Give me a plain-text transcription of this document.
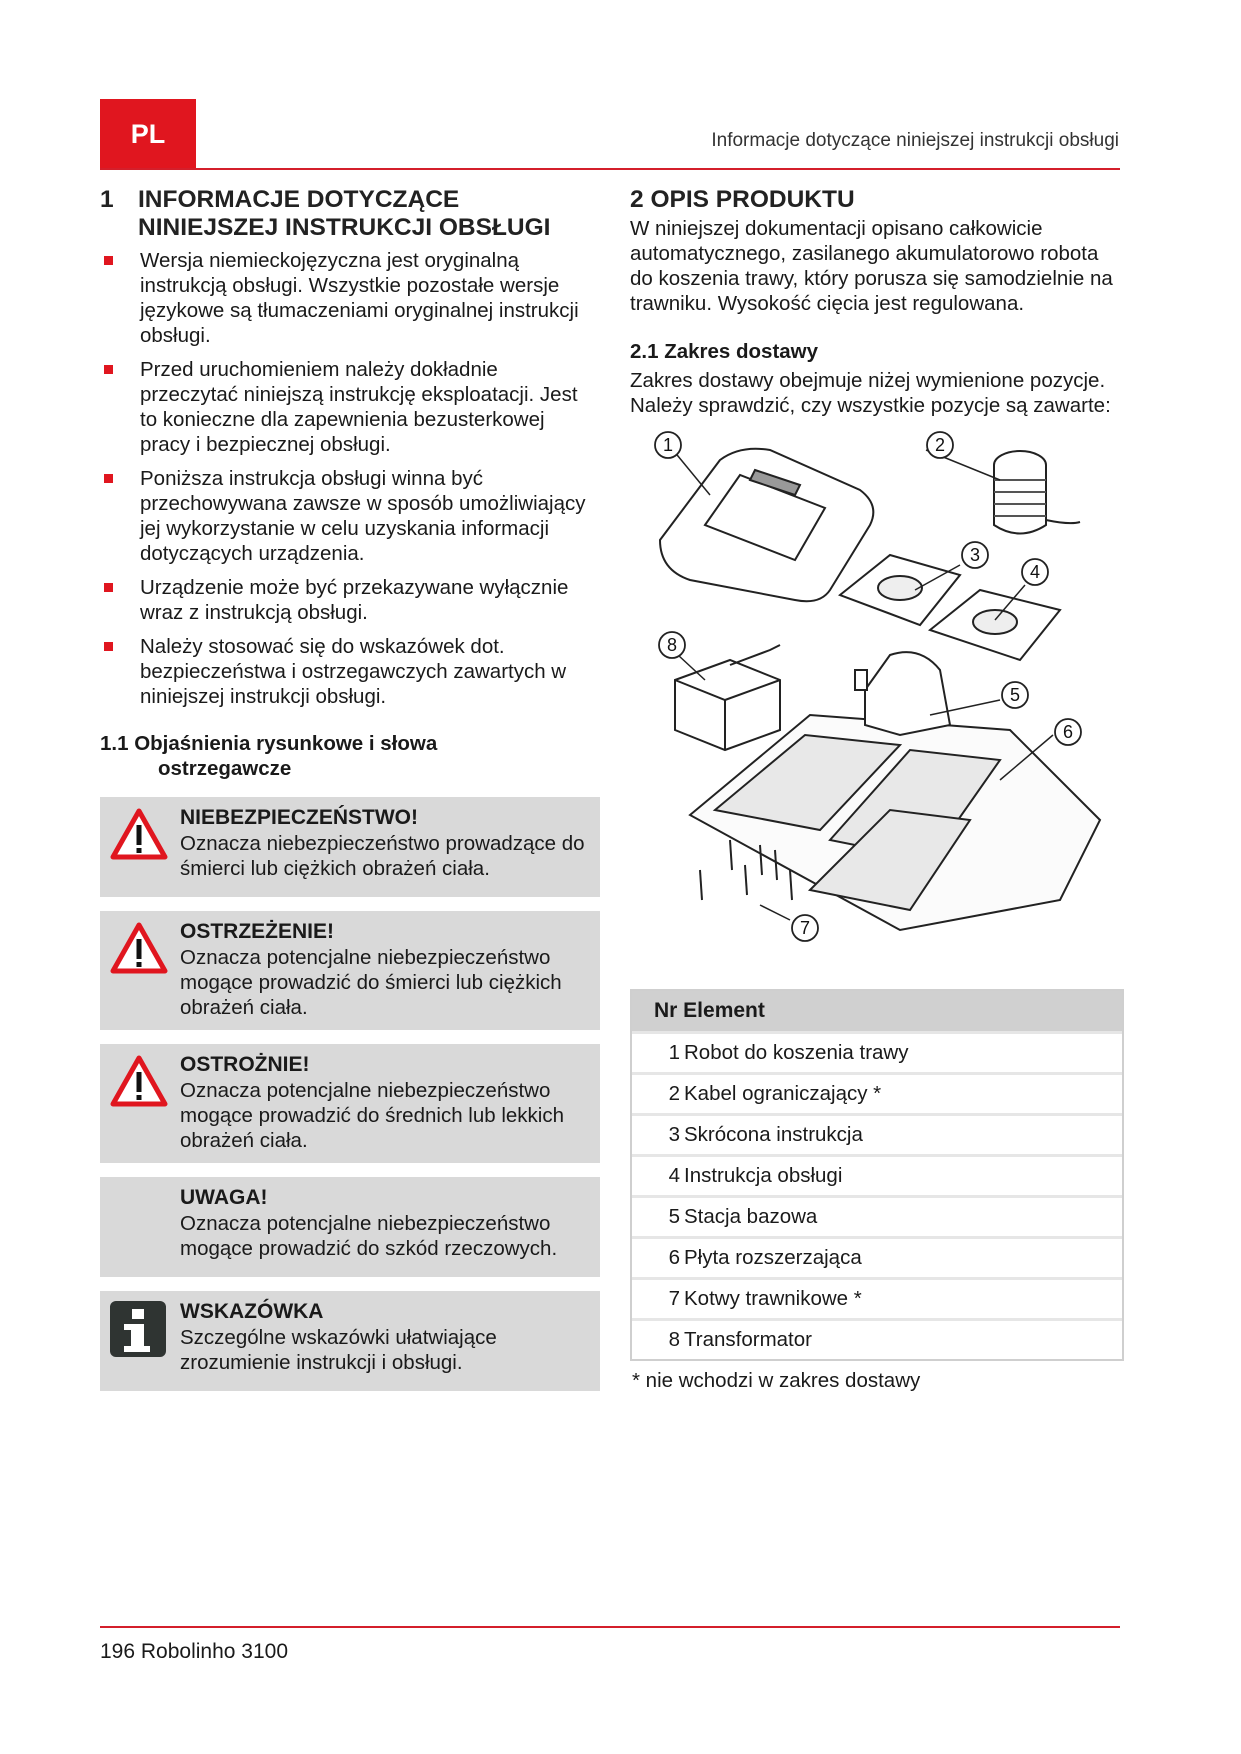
PL	Informacje dotyczące niniejszej instrukcji obsługi
1 INFORMACJE DOTYCZĄCE
NINIEJSZEJ INSTRUKCJI OBSŁUGI
Wersja niemieckojęzyczna jest oryginalną instrukcją obsługi. Wszystkie pozostałe wersje językowe są tłumaczeniami oryginalnej instrukcji obsługi.
Przed uruchomieniem należy dokładnie przeczytać niniejszą instrukcję eksploatacji. Jest to konieczne dla zapewnienia bezusterkowej pracy i bezpiecznej obsługi.
Poniższa instrukcja obsługi winna być przechowywana zawsze w sposób umożliwiający jej wykorzystanie w celu uzyskania informacji dotyczących urządzenia.
Urządzenie może być przekazywane wyłącznie wraz z instrukcją obsługi.
Należy stosować się do wskazówek dot. bezpieczeństwa i ostrzegawczych zawartych w niniejszej instrukcji obsługi.
1.1 Objaśnienia rysunkowe i słowa
ostrzegawcze
NIEBEZPIECZEŃSTWO!
Oznacza niebezpieczeństwo prowadzące do śmierci lub ciężkich obrażeń ciała.
OSTRZEŻENIE!
Oznacza potencjalne niebezpieczeństwo mogące prowadzić do śmierci lub ciężkich obrażeń ciała.
OSTROŻNIE!
Oznacza potencjalne niebezpieczeństwo mogące prowadzić do średnich lub lekkich obrażeń ciała.
UWAGA!
Oznacza potencjalne niebezpieczeństwo mogące prowadzić do szkód rzeczowych.
WSKAZÓWKA
Szczególne wskazówki ułatwiające zrozumienie instrukcji i obsługi.
2 OPIS PRODUKTU

W niniejszej dokumentacji opisano całkowicie automatycznego, zasilanego akumulatorowo robota do koszenia trawy, który porusza się samodzielnie na trawniku. Wysokość cięcia jest regulowana.

2.1 Zakres dostawy

Zakres dostawy obejmuje niżej wymienione pozycje. Należy sprawdzić, czy wszystkie pozycje są zawarte:

1	2
3
4
5
6
7
8
Nr Element
1 Robot do koszenia trawy
2 Kabel ograniczający *
3 Skrócona instrukcja
4 Instrukcja obsługi
5 Stacja bazowa
6 Płyta rozszerzająca
7 Kotwy trawnikowe *
8 Transformator
* nie wchodzi w zakres dostawy
196 Robolinho 3100
